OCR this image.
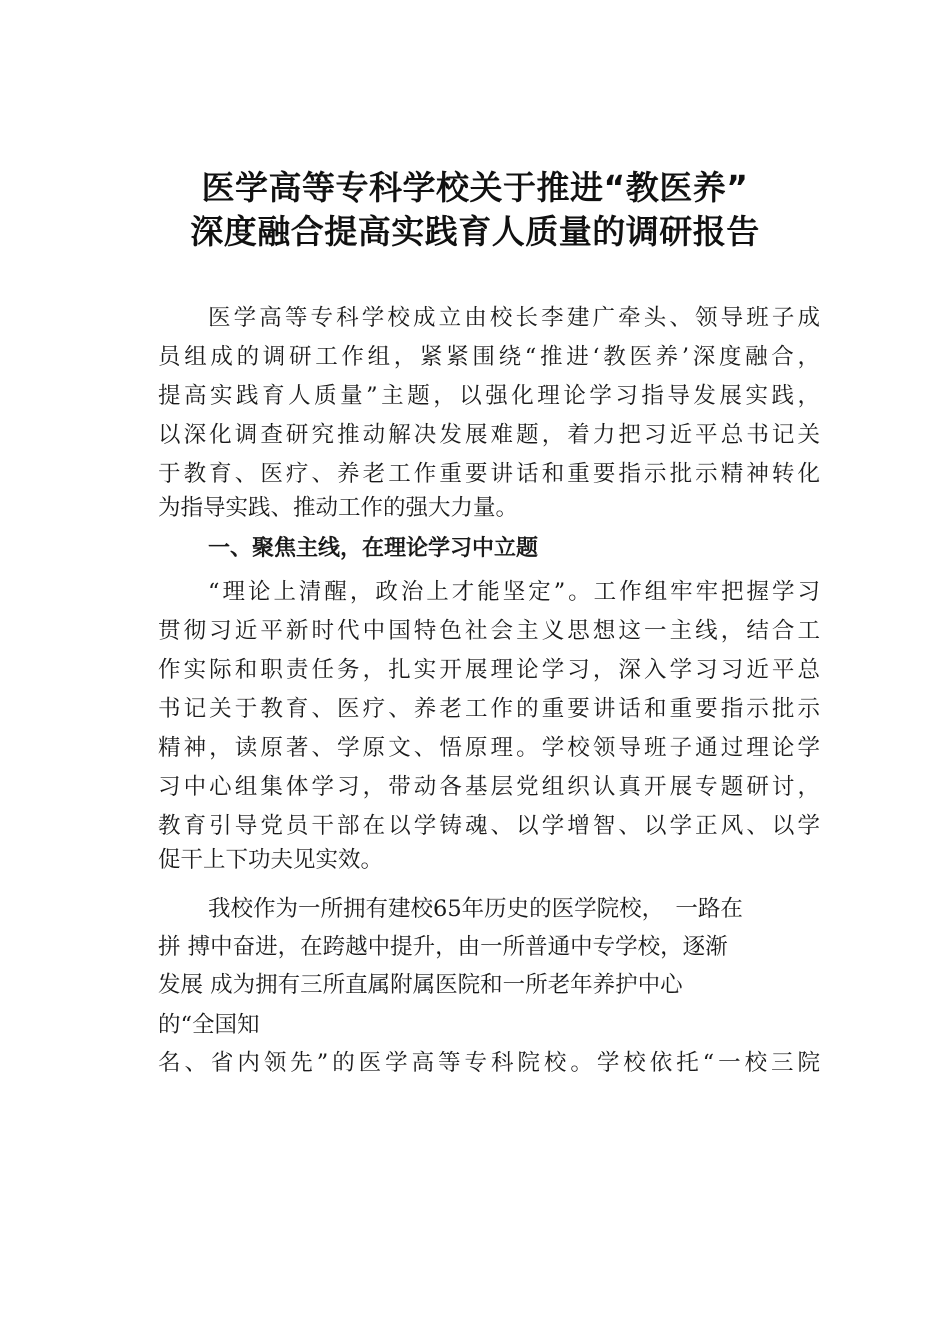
医学高等专科学校关于推进“教医养”
深度融合提高实践育人质量的调研报告
医学高等专科学校成立由校长李建广牵头、领导班子成
员组成的调研工作组，紧紧围绕“推进‘教医养’深度融合，
提高实践育人质量”主题，以强化理论学习指导发展实践，
以深化调查研究推动解决发展难题，着力把习近平总书记关
于教育、医疗、养老工作重要讲话和重要指示批示精神转化
为指导实践、推动工作的强大力量。
一、聚焦主线，在理论学习中立题
“理论上清醒，政治上才能坚定”。工作组牢牢把握学习
贯彻习近平新时代中国特色社会主义思想这一主线，结合工
作实际和职责任务，扎实开展理论学习，深入学习习近平总
书记关于教育、医疗、养老工作的重要讲话和重要指示批示
精神，读原著、学原文、悟原理。学校领导班子通过理论学
习中心组集体学习，带动各基层党组织认真开展专题研讨，
教育引导党员干部在以学铸魂、以学增智、以学正风、以学
促干上下功夫见实效。
我校作为一所拥有建校65年历史的医学院校，　一路在
拼 搏中奋进，在跨越中提升，由一所普通中专学校，逐渐
发展 成为拥有三所直属附属医院和一所老年养护中心
的“全国知
名、省内领先”的医学高等专科院校。学校依托“一校三院
